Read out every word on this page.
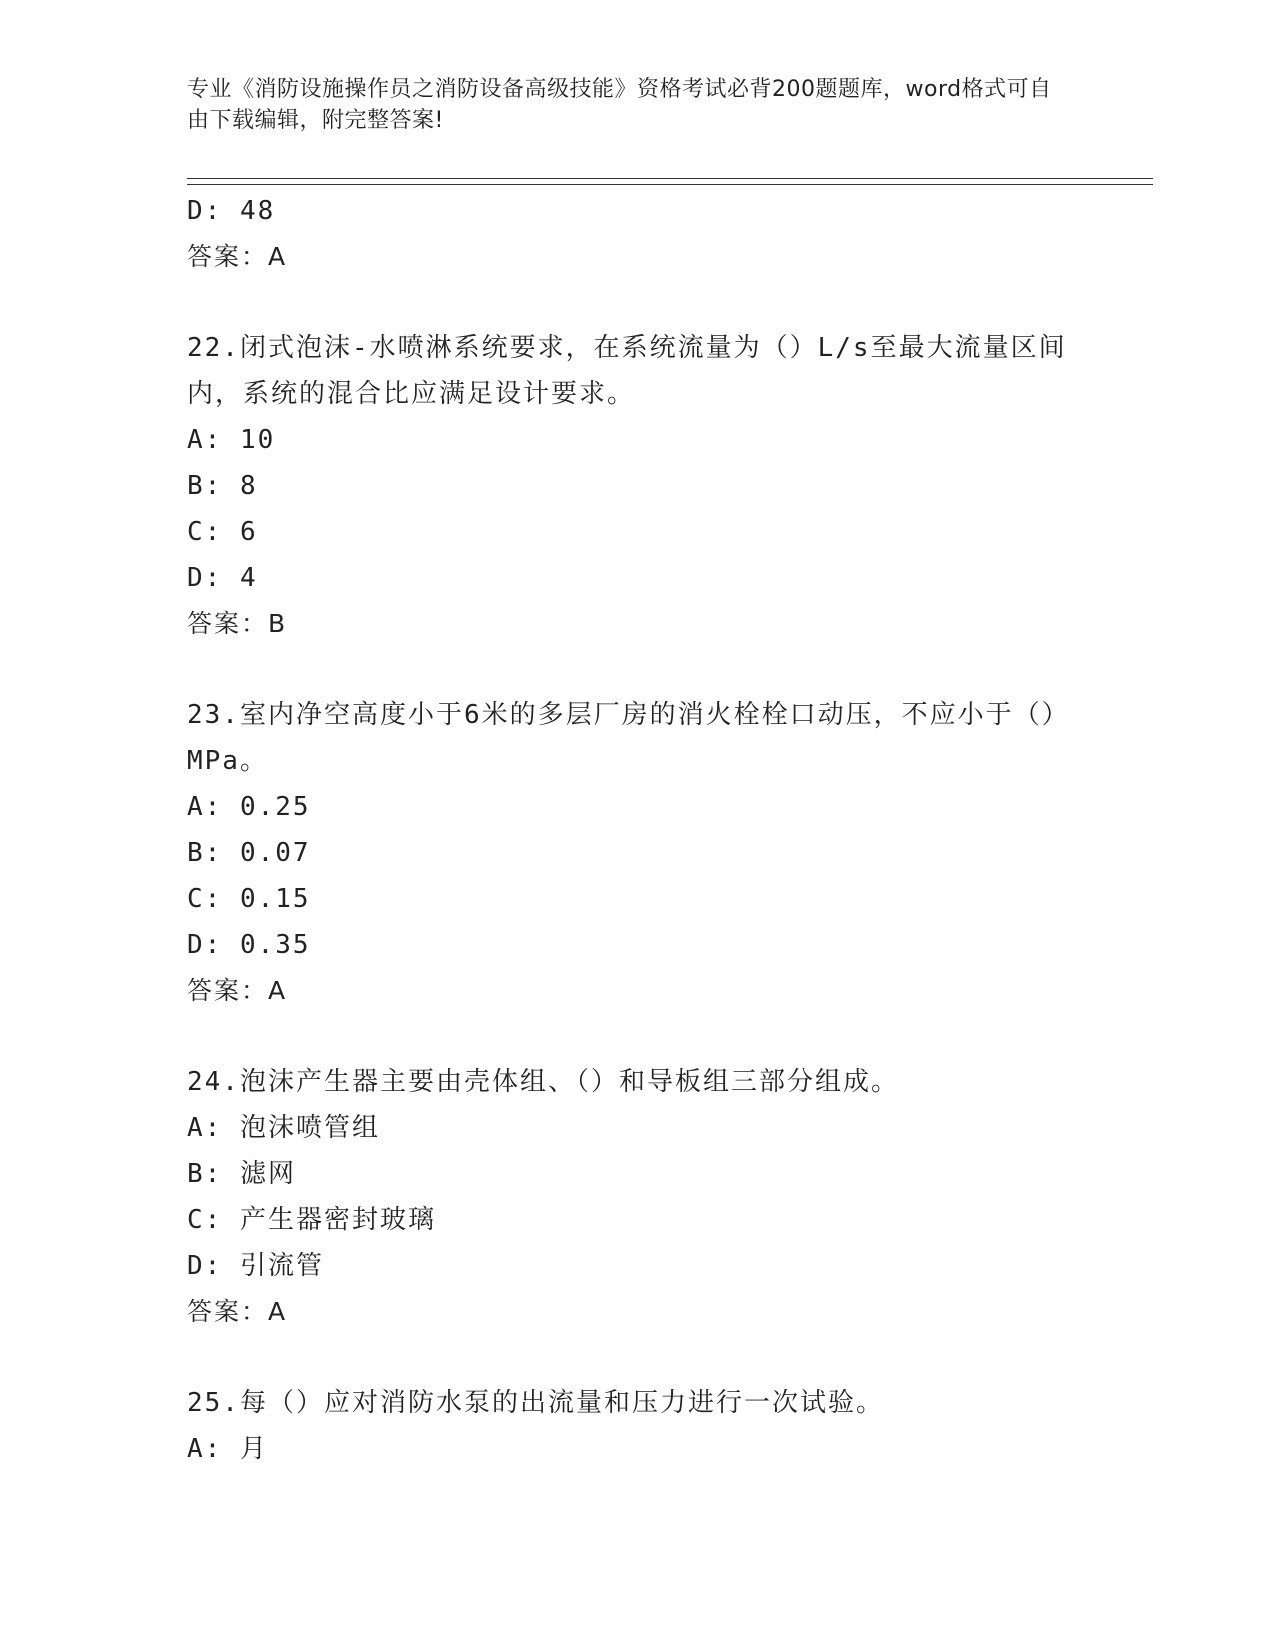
专业《消防设施操作员之消防设备高级技能》资格考试必背200题题库，word格式可自由下载编辑，附完整答案!
D: 48
答案：A
22.闭式泡沫-水喷淋系统要求，在系统流量为（）L/s至最大流量区间内，系统的混合比应满足设计要求。
A: 10
B: 8
C: 6
D: 4
答案：B
23.室内净空高度小于6米的多层厂房的消火栓栓口动压，不应小于（）MPa。
A: 0.25
B: 0.07
C: 0.15
D: 0.35
答案：A
24.泡沫产生器主要由壳体组、（）和导板组三部分组成。
A: 泡沫喷管组
B: 滤网
C: 产生器密封玻璃
D: 引流管
答案：A
25.每（）应对消防水泵的出流量和压力进行一次试验。
A: 月
